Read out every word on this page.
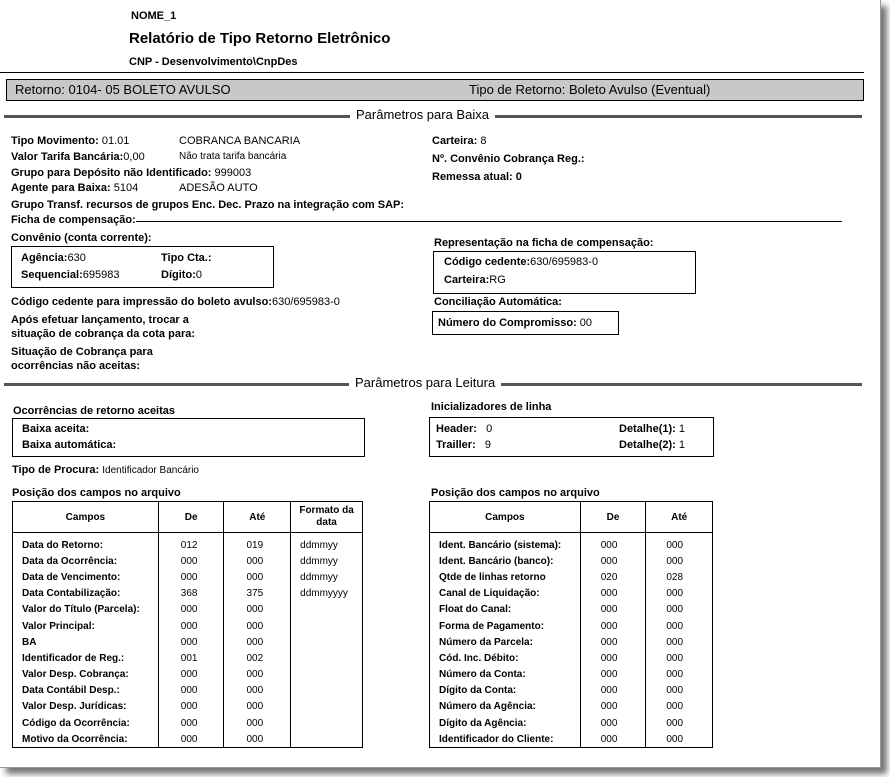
NOME_1
Relatório de Tipo Retorno Eletrônico
CNP - Desenvolvimento\CnpDes
Retorno: 0104- 05 BOLETO AVULSO	Tipo de Retorno: Boleto Avulso (Eventual)
Parâmetros para Baixa
Tipo Movimento: 01.01	COBRANCA BANCARIA
Valor Tarifa Bancária:0,00	Não trata tarifa bancária
Grupo para Depósito não Identificado: 999003
Agente para Baixa: 5104	ADESÃO AUTO
Grupo Transf. recursos de grupos Enc. Dec. Prazo na integração com SAP:
Ficha de compensação:
Carteira: 8
Nº. Convênio Cobrança Reg.:
Remessa atual: 0
Convênio (conta corrente):
Agência:630	Tipo Cta.:
Sequencial:695983	Dígito:0
Representação na ficha de compensação:
Código cedente:630/695983-0
Carteira:RG
Código cedente para impressão do boleto avulso:630/695983-0	Conciliação Automática:
Número do Compromisso: 00
Após efetuar lançamento, trocar a
situação de cobrança da cota para:
Situação de Cobrança para
ocorrências não aceitas:
Parâmetros para Leitura
Ocorrências de retorno aceitas
Baixa aceita:
Baixa automática:
Inicializadores de linha
Header: 0
Trailler: 9
Detalhe(1): 1
Detalhe(2): 1
Tipo de Procura: Identificador Bancário
Posição dos campos no arquivo	Posição dos campos no arquivo
Campos	De	Até	Formato da data
Data do Retorno:	012	019	ddmmyy
Data da Ocorrência:	000	000	ddmmyy
Data de Vencimento:	000	000	ddmmyy
Data Contabilização:	368	375	ddmmyyyy
Valor do Título (Parcela):	000	000	
Valor Principal:	000	000	
BA	000	000	
Identificador de Reg.:	001	002	
Valor Desp. Cobrança:	000	000	
Data Contábil Desp.:	000	000	
Valor Desp. Jurídicas:	000	000	
Código da Ocorrência:	000	000	
Motivo da Ocorrência:	000	000	
Campos	De	Até
Ident. Bancário (sistema):	000	000
Ident. Bancário (banco):	000	000
Qtde de linhas retorno	020	028
Canal de Liquidação:	000	000
Float do Canal:	000	000
Forma de Pagamento:	000	000
Número da Parcela:	000	000
Cód. Inc. Débito:	000	000
Número da Conta:	000	000
Dígito da Conta:	000	000
Número da Agência:	000	000
Dígito da Agência:	000	000
Identificador do Cliente:	000	000
